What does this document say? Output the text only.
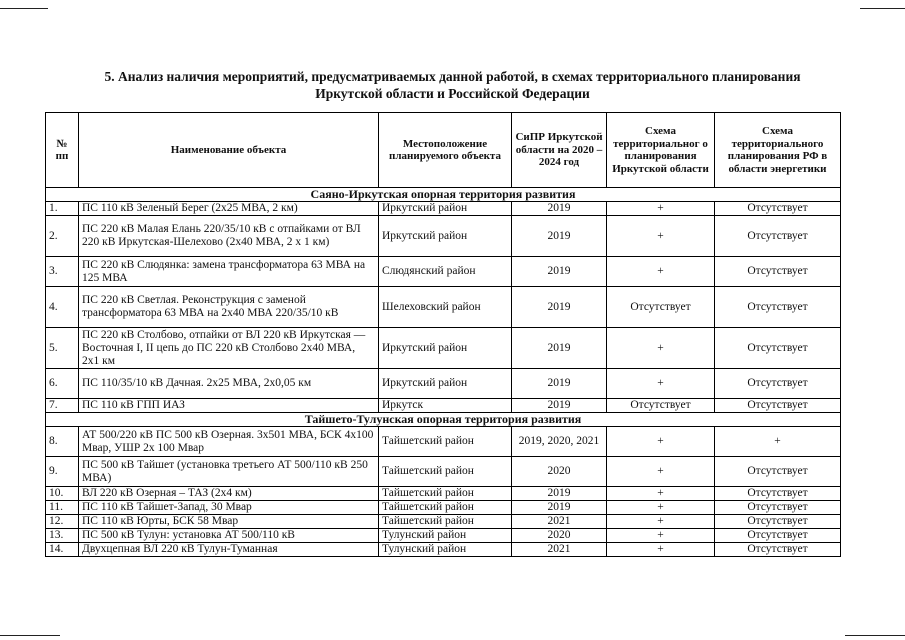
5. Анализ наличия мероприятий, предусматриваемых данной работой, в схемах территориального планирования
Иркутской области и Российской Федерации
№ пп	Наименование объекта	Местоположение планируемого объекта	СиПР Иркутской области на 2020 – 2024 год	Схема территориальног о планирования Иркутской области	Схема территориального планирования РФ в области энергетики
Саяно-Иркутская опорная территория развития					
1.	ПС 110 кВ Зеленый Берег (2х25 МВА, 2 км)	Иркутский район	2019	+	Отсутствует
2.	ПС 220 кВ Малая Елань 220/35/10 кВ с отпайками от ВЛ 220 кВ Иркутская-Шелехово (2х40 МВА, 2 х 1 км)	Иркутский район	2019	+	Отсутствует
3.	ПС 220 кВ Слюдянка: замена трансформатора 63 МВА на 125 МВА	Слюдянский район	2019	+	Отсутствует
4.	ПС 220 кВ Светлая. Реконструкция с заменой трансформатора 63 МВА на 2х40 МВА 220/35/10 кВ	Шелеховский район	2019	Отсутствует	Отсутствует
5.	ПС 220 кВ Столбово, отпайки от ВЛ 220 кВ Иркутская — Восточная I, II цепь до ПС 220 кВ Столбово 2х40 МВА, 2х1 км	Иркутский район	2019	+	Отсутствует
6.	ПС 110/35/10 кВ Дачная. 2х25 МВА, 2х0,05 км	Иркутский район	2019	+	Отсутствует
7.	ПС 110 кВ ГПП ИАЗ	Иркутск	2019	Отсутствует	Отсутствует
Тайшето-Тулунская опорная территория развития					
8.	АТ 500/220 кВ ПС 500 кВ Озерная. 3х501 МВА, БСК 4х100 Мвар, УШР 2х 100 Мвар	Тайшетский район	2019, 2020, 2021	+	+
9.	ПС 500 кВ Тайшет (установка третьего АТ 500/110 кВ 250 МВА)	Тайшетский район	2020	+	Отсутствует
10.	ВЛ 220 кВ Озерная – ТАЗ (2х4 км)	Тайшетский район	2019	+	Отсутствует
11.	ПС 110 кВ Тайшет-Запад, 30 Мвар	Тайшетский район	2019	+	Отсутствует
12.	ПС 110 кВ Юрты, БСК 58 Мвар	Тайшетский район	2021	+	Отсутствует
13.	ПС 500 кВ Тулун: установка АТ 500/110 кВ	Тулунский район	2020	+	Отсутствует
14.	Двухцепная ВЛ 220 кВ Тулун-Туманная	Тулунский район	2021	+	Отсутствует
